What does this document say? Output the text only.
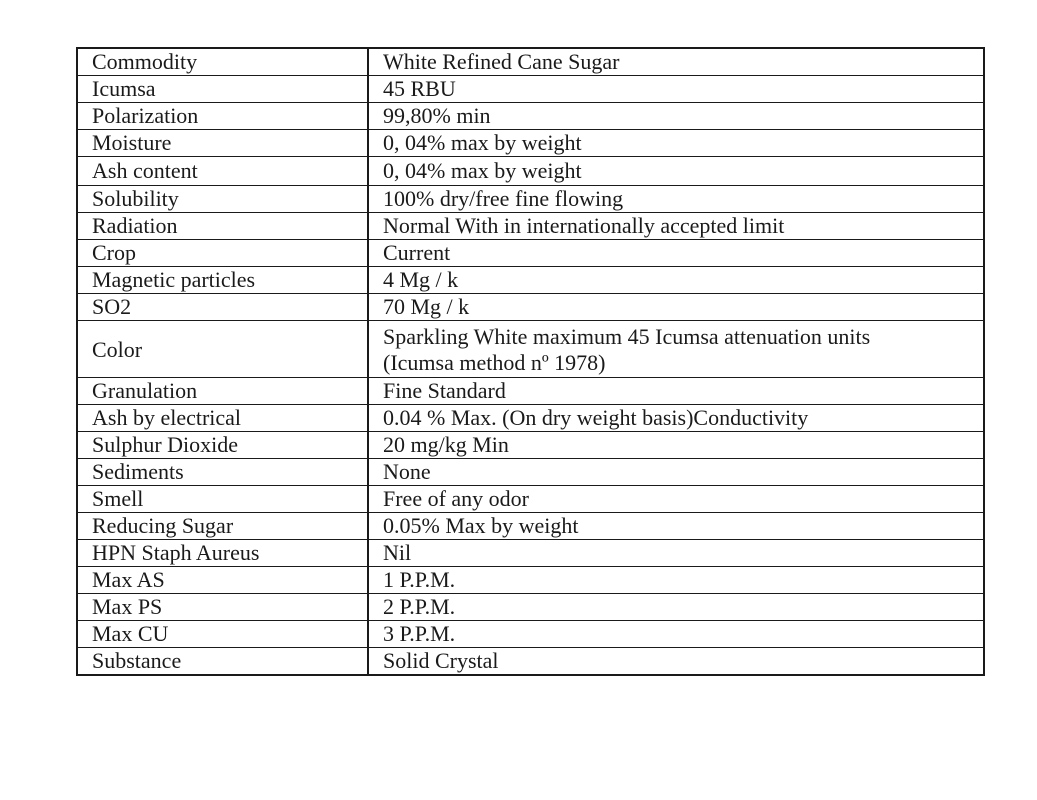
Commodity	White Refined Cane Sugar
Icumsa	45 RBU
Polarization	99,80% min
Moisture	0, 04% max by weight
Ash content	0, 04% max by weight
Solubility	100% dry/free fine flowing
Radiation	Normal With in internationally accepted limit
Crop	Current
Magnetic particles	4 Mg / k
SO2	70 Mg / k
Color	Sparkling White maximum 45 Icumsa attenuation units
(Icumsa method nº 1978)

Granulation	Fine Standard
Ash by electrical	0.04 % Max. (On dry weight basis)Conductivity
Sulphur Dioxide	20 mg/kg Min
Sediments	None
Smell	Free of any odor
Reducing Sugar	0.05% Max by weight
HPN Staph Aureus	Nil
Max AS	1 P.P.M.
Max PS	2 P.P.M.
Max CU	3 P.P.M.
Substance	Solid Crystal
